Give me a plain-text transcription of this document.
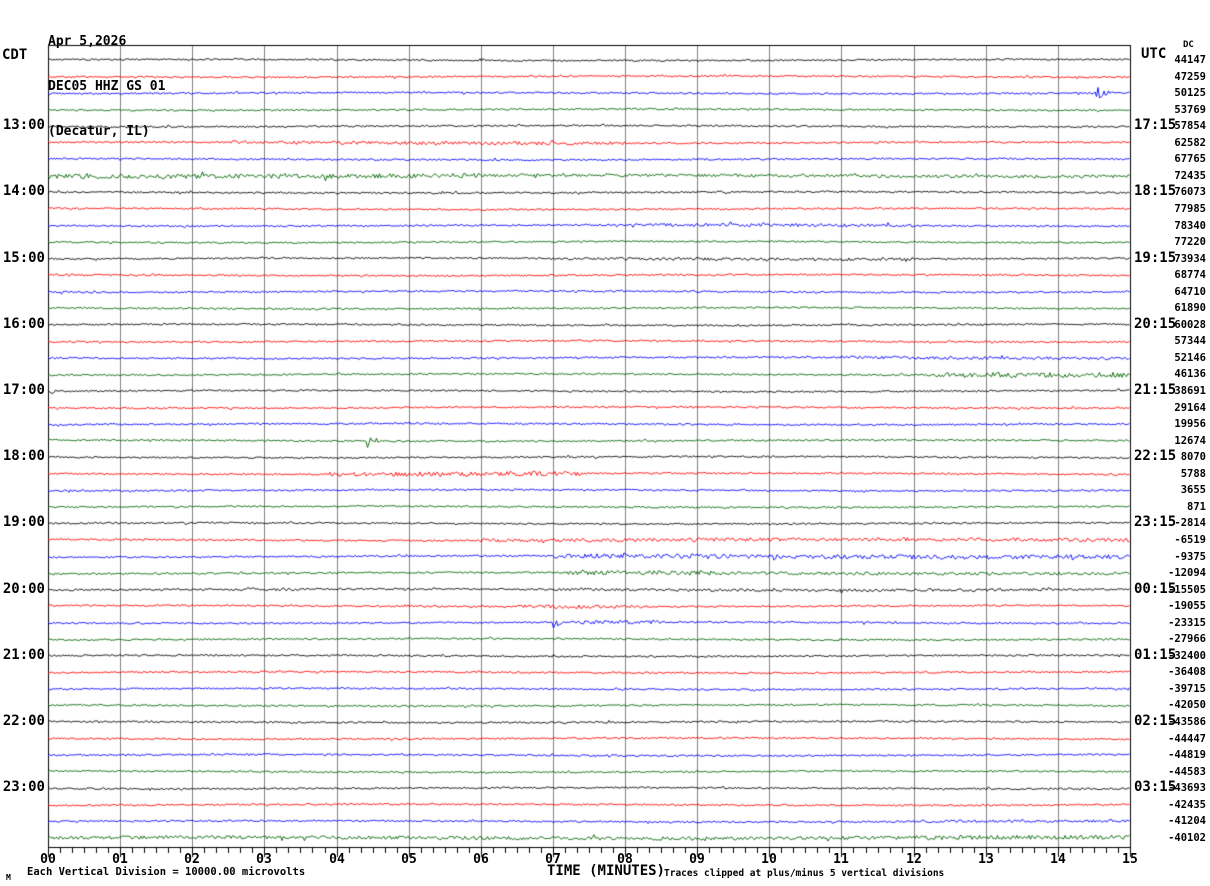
Apr 5,2026

DEC05 HHZ GS 01

(Decatur, IL)

CDT	UTC
DC
13:00
14:00
15:00
16:00
17:00
18:00
19:00
20:00
21:00
22:00
23:00
17:15
18:15
19:15
20:15
21:15
22:15
23:15
00:15
01:15
02:15
03:15
44147
47259
50125
53769
57854
62582
67765
72435
76073
77985
78340
77220
73934
68774
64710
61890
60028
57344
52146
46136
38691
29164
19956
12674
8070
5788
3655
871
-2814
-6519
-9375
-12094
-15505
-19055
-23315
-27966
-32400
-36408
-39715
-42050
-43586
-44447
-44819
-44583
-43693
-42435
-41204
-40102
00	01	02	03	04	05	06	07	08	09	10	11	12	13	14	15
TIME (MINUTES)
Each Vertical Division = 10000.00 microvolts	Traces clipped at plus/minus 5 vertical divisions
M
